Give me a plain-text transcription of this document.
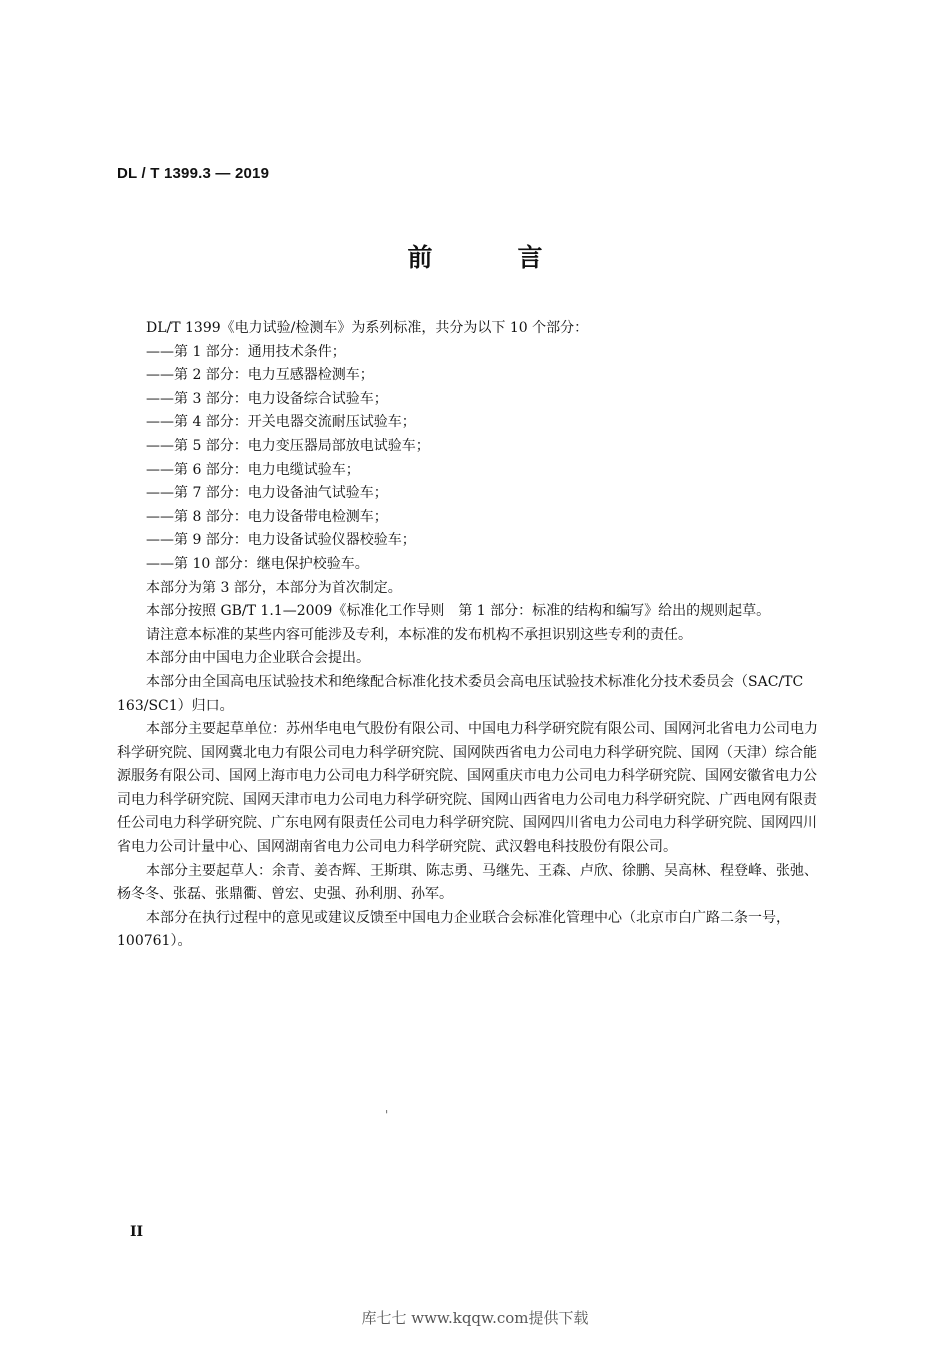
DL / T 1399.3 — 2019
前　言

DL/T 1399《电力试验/检测车》为系列标准，共分为以下 10 个部分：

——第 1 部分：通用技术条件；

——第 2 部分：电力互感器检测车；

——第 3 部分：电力设备综合试验车；

——第 4 部分：开关电器交流耐压试验车；

——第 5 部分：电力变压器局部放电试验车；

——第 6 部分：电力电缆试验车；

——第 7 部分：电力设备油气试验车；

——第 8 部分：电力设备带电检测车；

——第 9 部分：电力设备试验仪器校验车；

——第 10 部分：继电保护校验车。

本部分为第 3 部分，本部分为首次制定。

本部分按照 GB/T 1.1—2009《标准化工作导则　第 1 部分：标准的结构和编写》给出的规则起草。

请注意本标准的某些内容可能涉及专利，本标准的发布机构不承担识别这些专利的责任。

本部分由中国电力企业联合会提出。

本部分由全国高电压试验技术和绝缘配合标准化技术委员会高电压试验技术标准化分技术委员会（SAC/TC 163/SC1）归口。

本部分主要起草单位：苏州华电电气股份有限公司、中国电力科学研究院有限公司、国网河北省电力公司电力科学研究院、国网冀北电力有限公司电力科学研究院、国网陕西省电力公司电力科学研究院、国网（天津）综合能源服务有限公司、国网上海市电力公司电力科学研究院、国网重庆市电力公司电力科学研究院、国网安徽省电力公司电力科学研究院、国网天津市电力公司电力科学研究院、国网山西省电力公司电力科学研究院、广西电网有限责任公司电力科学研究院、广东电网有限责任公司电力科学研究院、国网四川省电力公司电力科学研究院、国网四川省电力公司计量中心、国网湖南省电力公司电力科学研究院、武汉磐电科技股份有限公司。

本部分主要起草人：余青、姜杏辉、王斯琪、陈志勇、马继先、王森、卢欣、徐鹏、吴高林、程登峰、张弛、杨冬冬、张磊、张鼎衢、曾宏、史强、孙利朋、孙军。

本部分在执行过程中的意见或建议反馈至中国电力企业联合会标准化管理中心（北京市白广路二条一号，100761）。

'
II
库七七 www.kqqw.com提供下载
